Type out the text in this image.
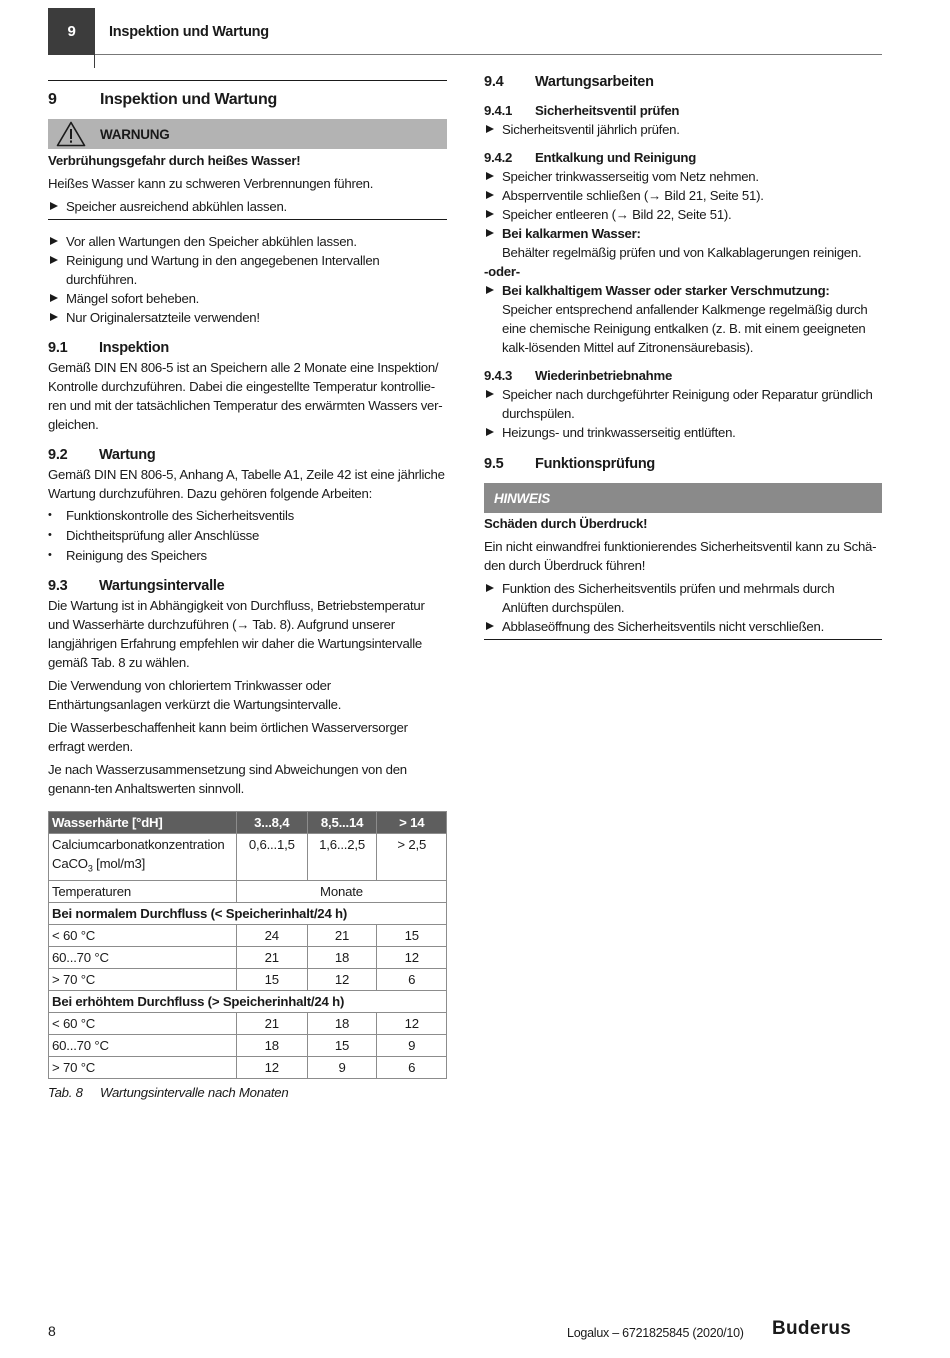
9	Inspektion und Wartung
9	Inspektion und Wartung
WARNUNG

Verbrühungsgefahr durch heißes Wasser!

Heißes Wasser kann zu schweren Verbrennungen führen.

Speicher ausreichend abkühlen lassen.
Vor allen Wartungen den Speicher abkühlen lassen.
Reinigung und Wartung in den angegebenen Intervallen durchführen.
Mängel sofort beheben.
Nur Originalersatzteile verwenden!
9.1	Inspektion

Gemäß DIN EN 806-5 ist an Speichern alle 2 Monate eine Inspektion/ Kontrolle durchzuführen. Dabei die eingestellte Temperatur kontrollie-ren und mit der tatsächlichen Temperatur des erwärmten Wassers ver-gleichen.

9.2	Wartung

Gemäß DIN EN 806-5, Anhang A, Tabelle A1, Zeile 42 ist eine jährliche Wartung durchzuführen. Dazu gehören folgende Arbeiten:

• Funktionskontrolle des Sicherheitsventils
• Dichtheitsprüfung aller Anschlüsse
• Reinigung des Speichers
9.3	Wartungsintervalle

Die Wartung ist in Abhängigkeit von Durchfluss, Betriebstemperatur und Wasserhärte durchzuführen (→ Tab. 8). Aufgrund unserer langjährigen Erfahrung empfehlen wir daher die Wartungsintervalle gemäß Tab. 8 zu wählen.

Die Verwendung von chloriertem Trinkwasser oder Enthärtungsanlagen verkürzt die Wartungsintervalle.

Die Wasserbeschaffenheit kann beim örtlichen Wasserversorger erfragt werden.

Je nach Wasserzusammensetzung sind Abweichungen von den genann-ten Anhaltswerten sinnvoll.

Wasserhärte [°dH]	3...8,4	8,5...14	> 14
Calciumcarbonatkonzentration
CaCO$_3$ [mol/m3]	0,6...1,5	1,6...2,5	> 2,5
Temperaturen	Monate		
Bei normalem Durchfluss (< Speicherinhalt/24 h)			
< 60 °C	24	21	15
60...70 °C	21	18	12
> 70 °C	15	12	6
Bei erhöhtem Durchfluss (> Speicherinhalt/24 h)			
< 60 °C	21	18	12
60...70 °C	18	15	9
> 70 °C	12	9	6
Tab. 8	Wartungsintervalle nach Monaten
9.4	Wartungsarbeiten
9.4.1	Sicherheitsventil prüfen
Sicherheitsventil jährlich prüfen.
9.4.2	Entkalkung und Reinigung
Speicher trinkwasserseitig vom Netz nehmen.
Absperrventile schließen (→ Bild 21, Seite 51).
Speicher entleeren (→ Bild 22, Seite 51).
Bei kalkarmen Wasser:
Behälter regelmäßig prüfen und von Kalkablagerungen reinigen.

-oder-

Bei kalkhaltigem Wasser oder starker Verschmutzung:
Speicher entsprechend anfallender Kalkmenge regelmäßig durch eine chemische Reinigung entkalken (z. B. mit einem geeigneten kalk-lösenden Mittel auf Zitronensäurebasis).
9.4.3	Wiederinbetriebnahme
Speicher nach durchgeführter Reinigung oder Reparatur gründlich durchspülen.
Heizungs- und trinkwasserseitig entlüften.
9.5	Funktionsprüfung
HINWEIS

Schäden durch Überdruck!

Ein nicht einwandfrei funktionierendes Sicherheitsventil kann zu Schä-den durch Überdruck führen!

Funktion des Sicherheitsventils prüfen und mehrmals durch Anlüften durchspülen.
Abblaseöffnung des Sicherheitsventils nicht verschließen.
8	Logalux – 6721825845 (2020/10) Buderus
